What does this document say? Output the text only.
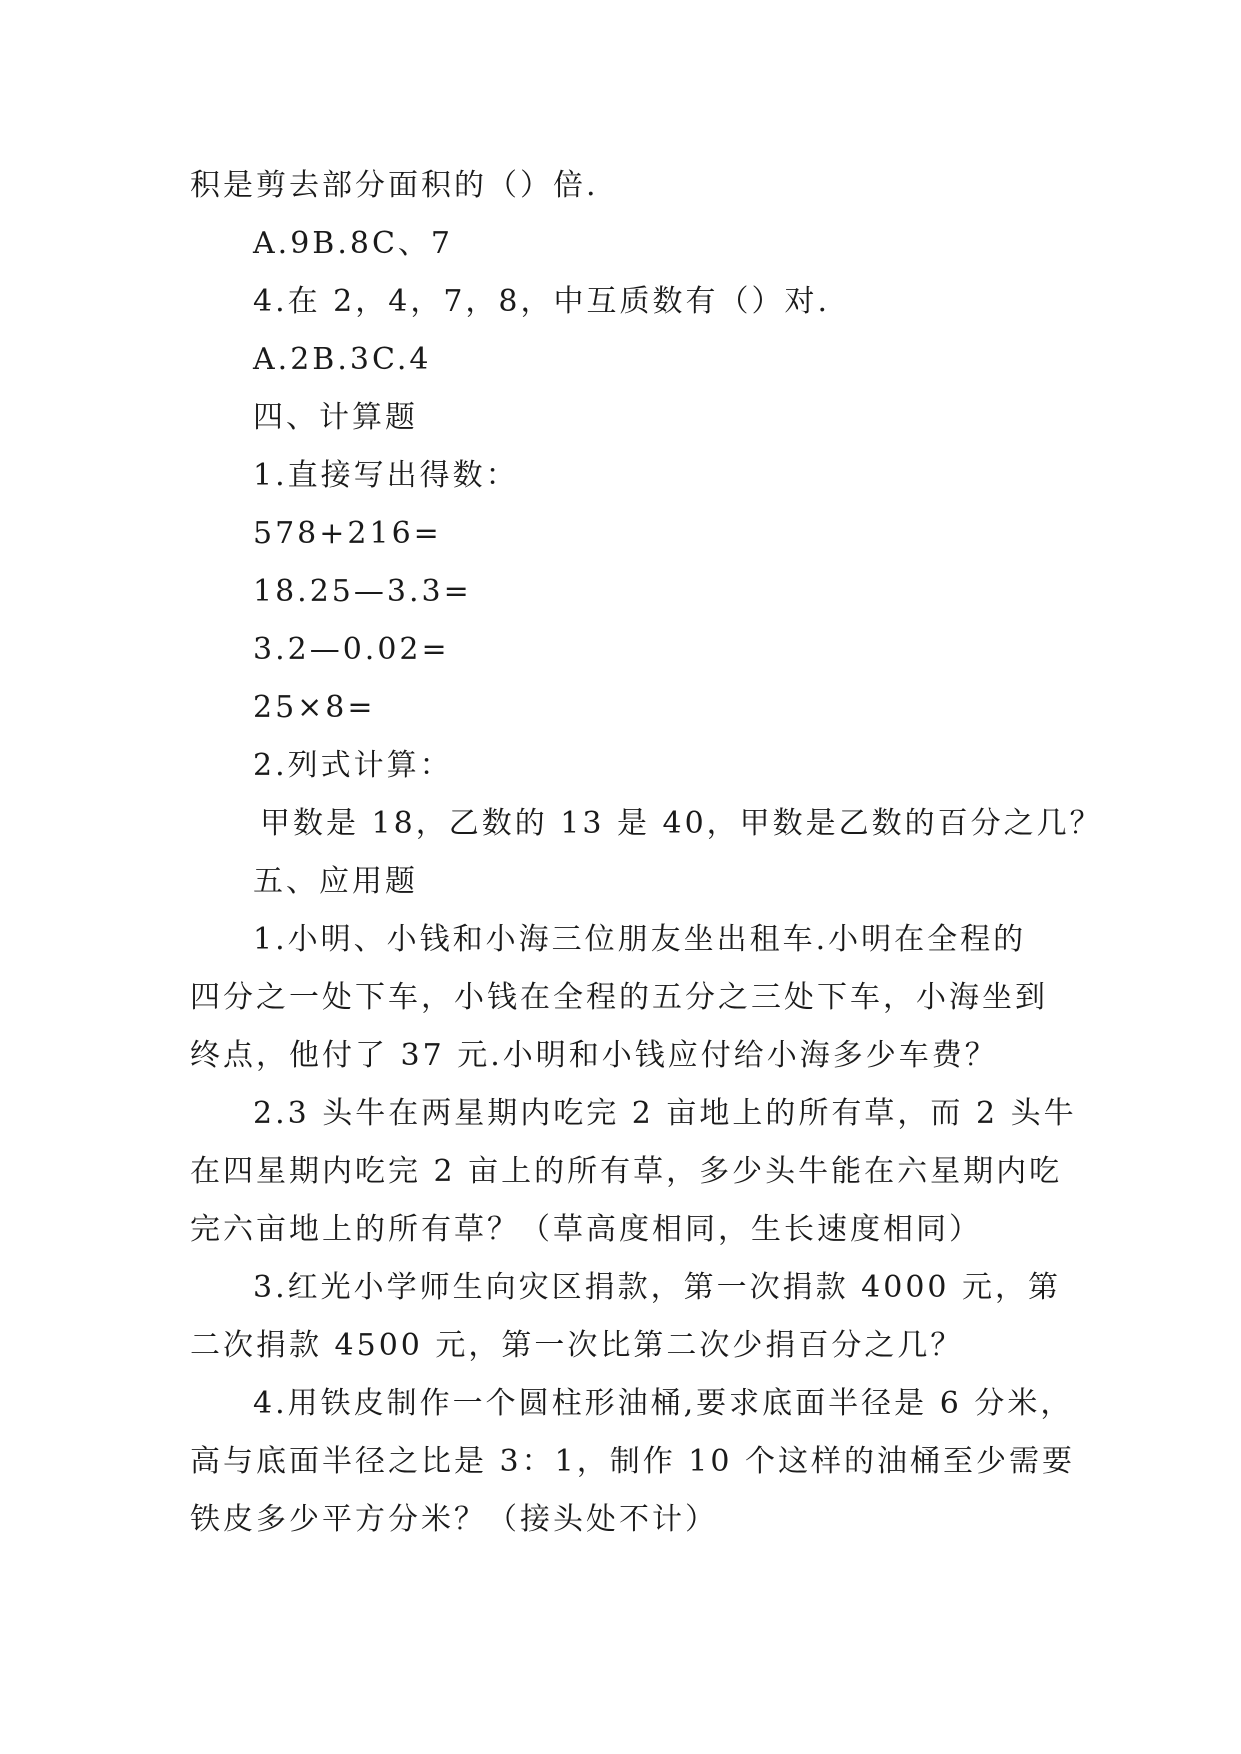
积是剪去部分面积的（）倍.
A.9B.8C、7
4.在 2，4，7，8，中互质数有（）对.
A.2B.3C.4
四、计算题
1.直接写出得数：
578+216=
18.25—3.3=
3.2—0.02=
25×8=
2.列式计算：
甲数是 18，乙数的 13 是 40，甲数是乙数的百分之几？
五、应用题
1.小明、小钱和小海三位朋友坐出租车.小明在全程的
四分之一处下车，小钱在全程的五分之三处下车，小海坐到
终点，他付了 37 元.小明和小钱应付给小海多少车费？
2.3 头牛在两星期内吃完 2 亩地上的所有草，而 2 头牛
在四星期内吃完 2 亩上的所有草，多少头牛能在六星期内吃
完六亩地上的所有草？（草高度相同，生长速度相同）
3.红光小学师生向灾区捐款，第一次捐款 4000 元，第
二次捐款 4500 元，第一次比第二次少捐百分之几？
4.用铁皮制作一个圆柱形油桶,要求底面半径是 6 分米，
高与底面半径之比是 3：1，制作 10 个这样的油桶至少需要
铁皮多少平方分米？（接头处不计）
